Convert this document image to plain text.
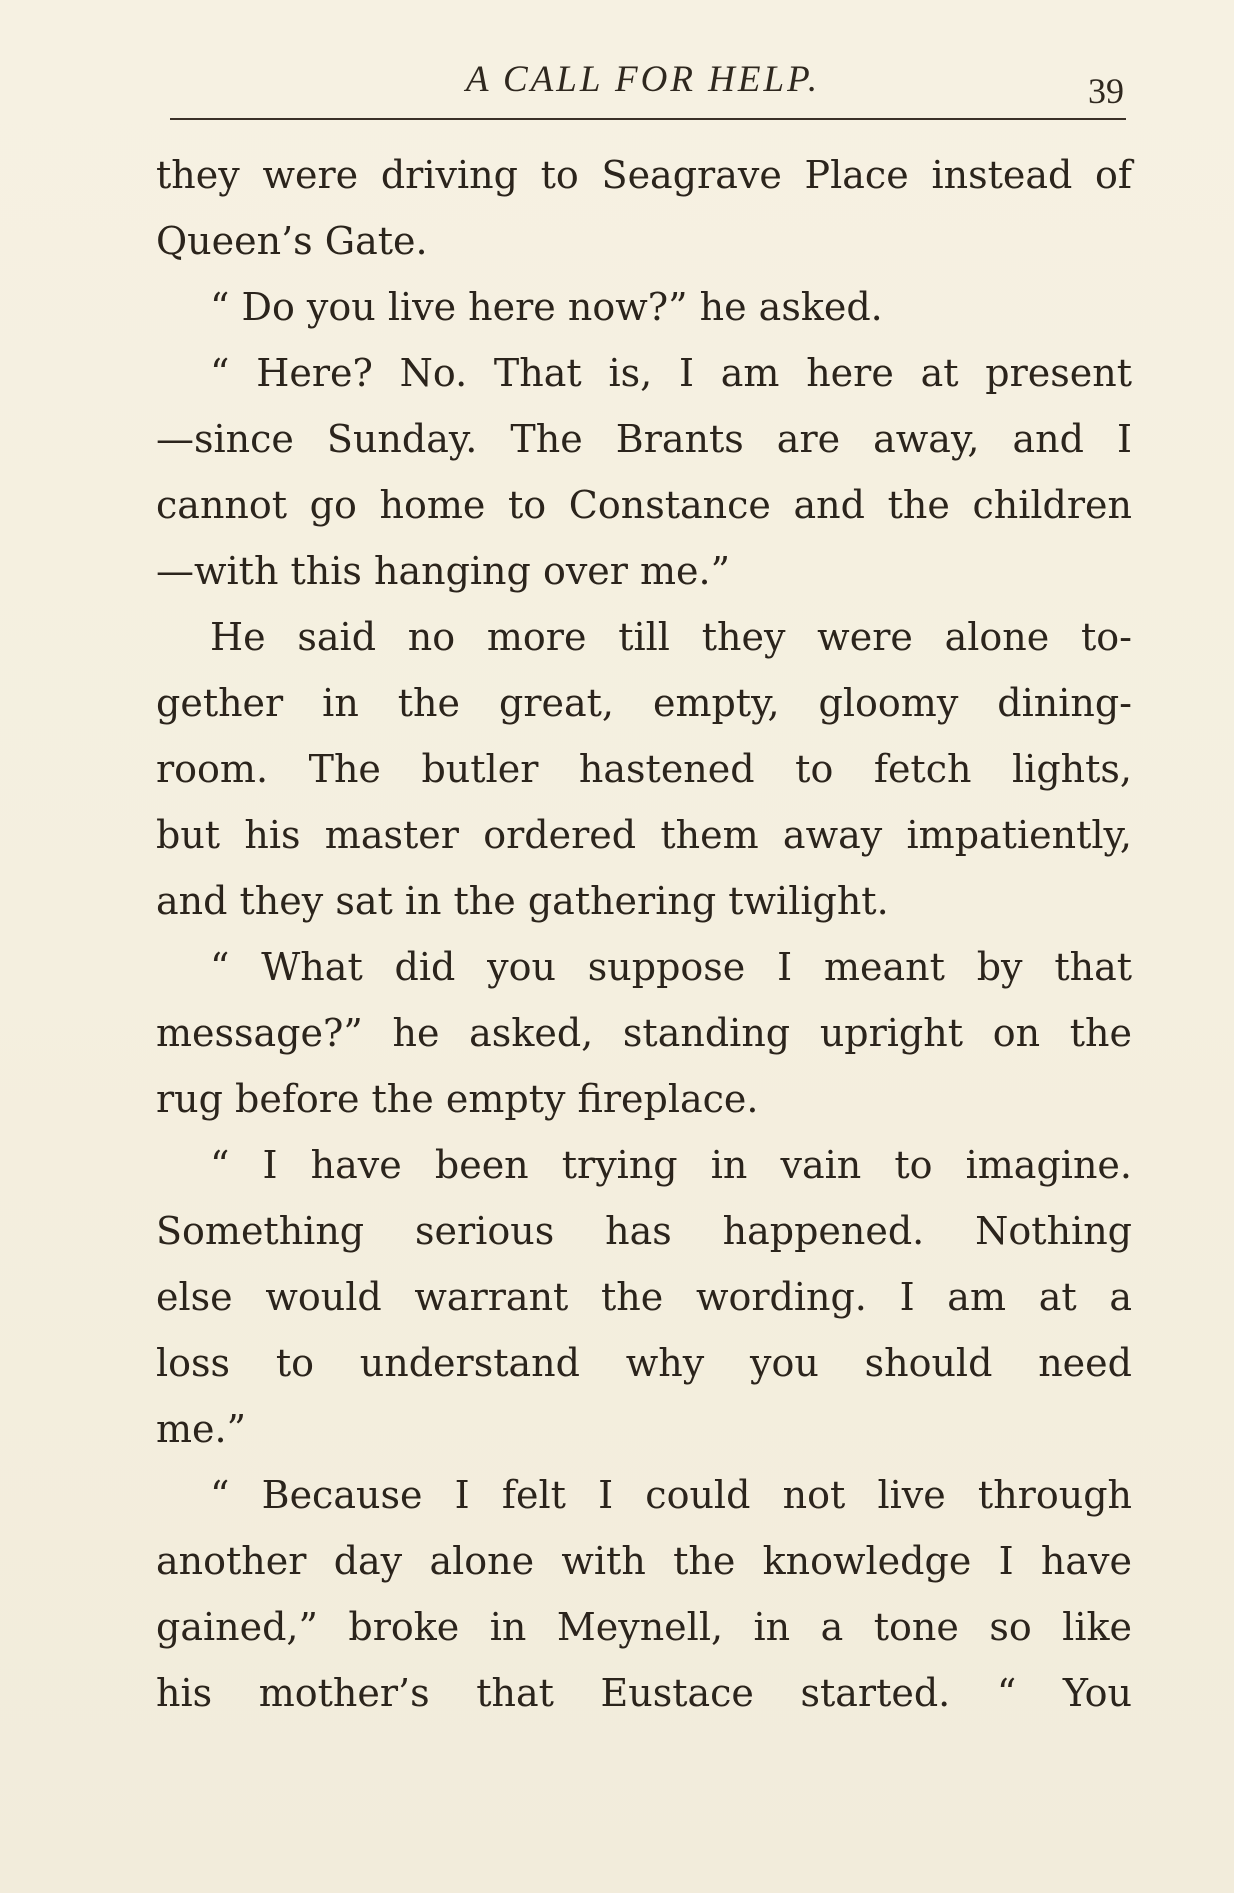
A CALL FOR HELP.	39
they were driving to Seagrave Place instead of
Queen’s Gate.
“ Do you live here now?” he asked.
“ Here? No. That is, I am here at present
—since Sunday. The Brants are away, and I
cannot go home to Constance and the children
—with this hanging over me.”
He said no more till they were alone to-
gether in the great, empty, gloomy dining-
room. The butler hastened to fetch lights,
but his master ordered them away impatiently,
and they sat in the gathering twilight.
“ What did you suppose I meant by that
message?” he asked, standing upright on the
rug before the empty fireplace.
“ I have been trying in vain to imagine.
Something serious has happened. Nothing
else would warrant the wording. I am at a
loss to understand why you should need
me.”
“ Because I felt I could not live through
another day alone with the knowledge I have
gained,” broke in Meynell, in a tone so like
his mother’s that Eustace started. “ You
